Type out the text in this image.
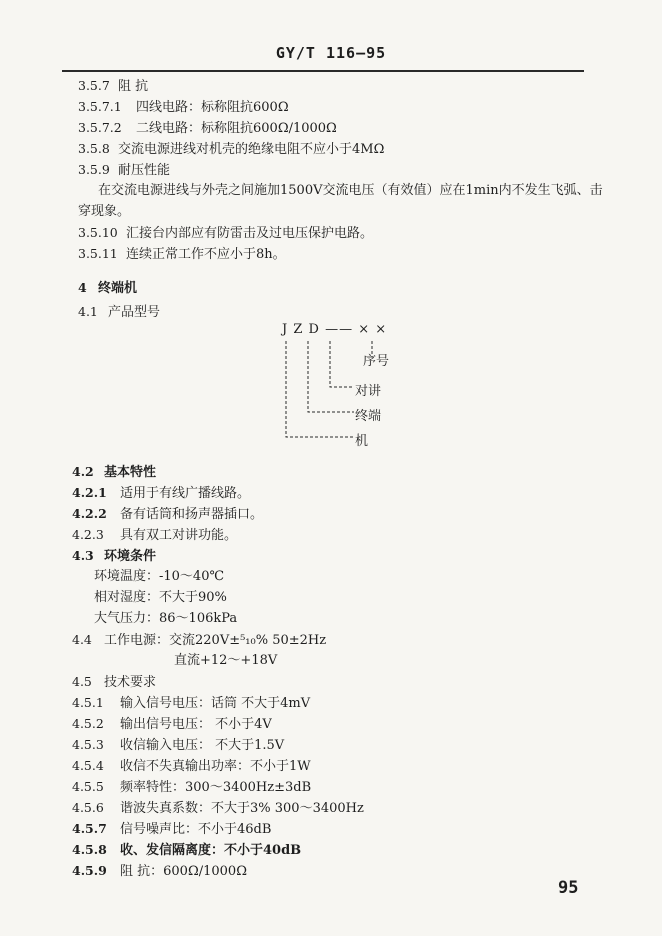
GY/T 116—95
3.5.7 阻 抗
3.5.7.1 四线电路：标称阻抗600Ω
3.5.7.2 二线电路：标称阻抗600Ω/1000Ω
3.5.8 交流电源进线对机壳的绝缘电阻不应小于4MΩ
3.5.9 耐压性能
在交流电源进线与外壳之间施加1500V交流电压（有效值）应在1min内不发生飞弧、击
穿现象。
3.5.10 汇接台内部应有防雷击及过电压保护电路。
3.5.11 连续正常工作不应小于8h。
4 终端机
4.1 产品型号
J Z D —— × ×
序号
对讲
终端
机
4.2 基本特性
4.2.1 适用于有线广播线路。
4.2.2 备有话筒和扬声器插口。
4.2.3 具有双工对讲功能。
4.3 环境条件
环境温度：-10～40℃
相对湿度：不大于90%
大气压力：86～106kPa
4.4 工作电源：交流220V±⁵₁₀% 50±2Hz
直流+12～+18V
4.5 技术要求
4.5.1 输入信号电压：话筒 不大于4mV
4.5.2 输出信号电压： 不小于4V
4.5.3 收信输入电压： 不大于1.5V
4.5.4 收信不失真输出功率：不小于1W
4.5.5 频率特性：300～3400Hz±3dB
4.5.6 谐波失真系数：不大于3% 300～3400Hz
4.5.7 信号噪声比：不小于46dB
4.5.8 收、发信隔离度：不小于40dB
4.5.9 阻 抗：600Ω/1000Ω
95
